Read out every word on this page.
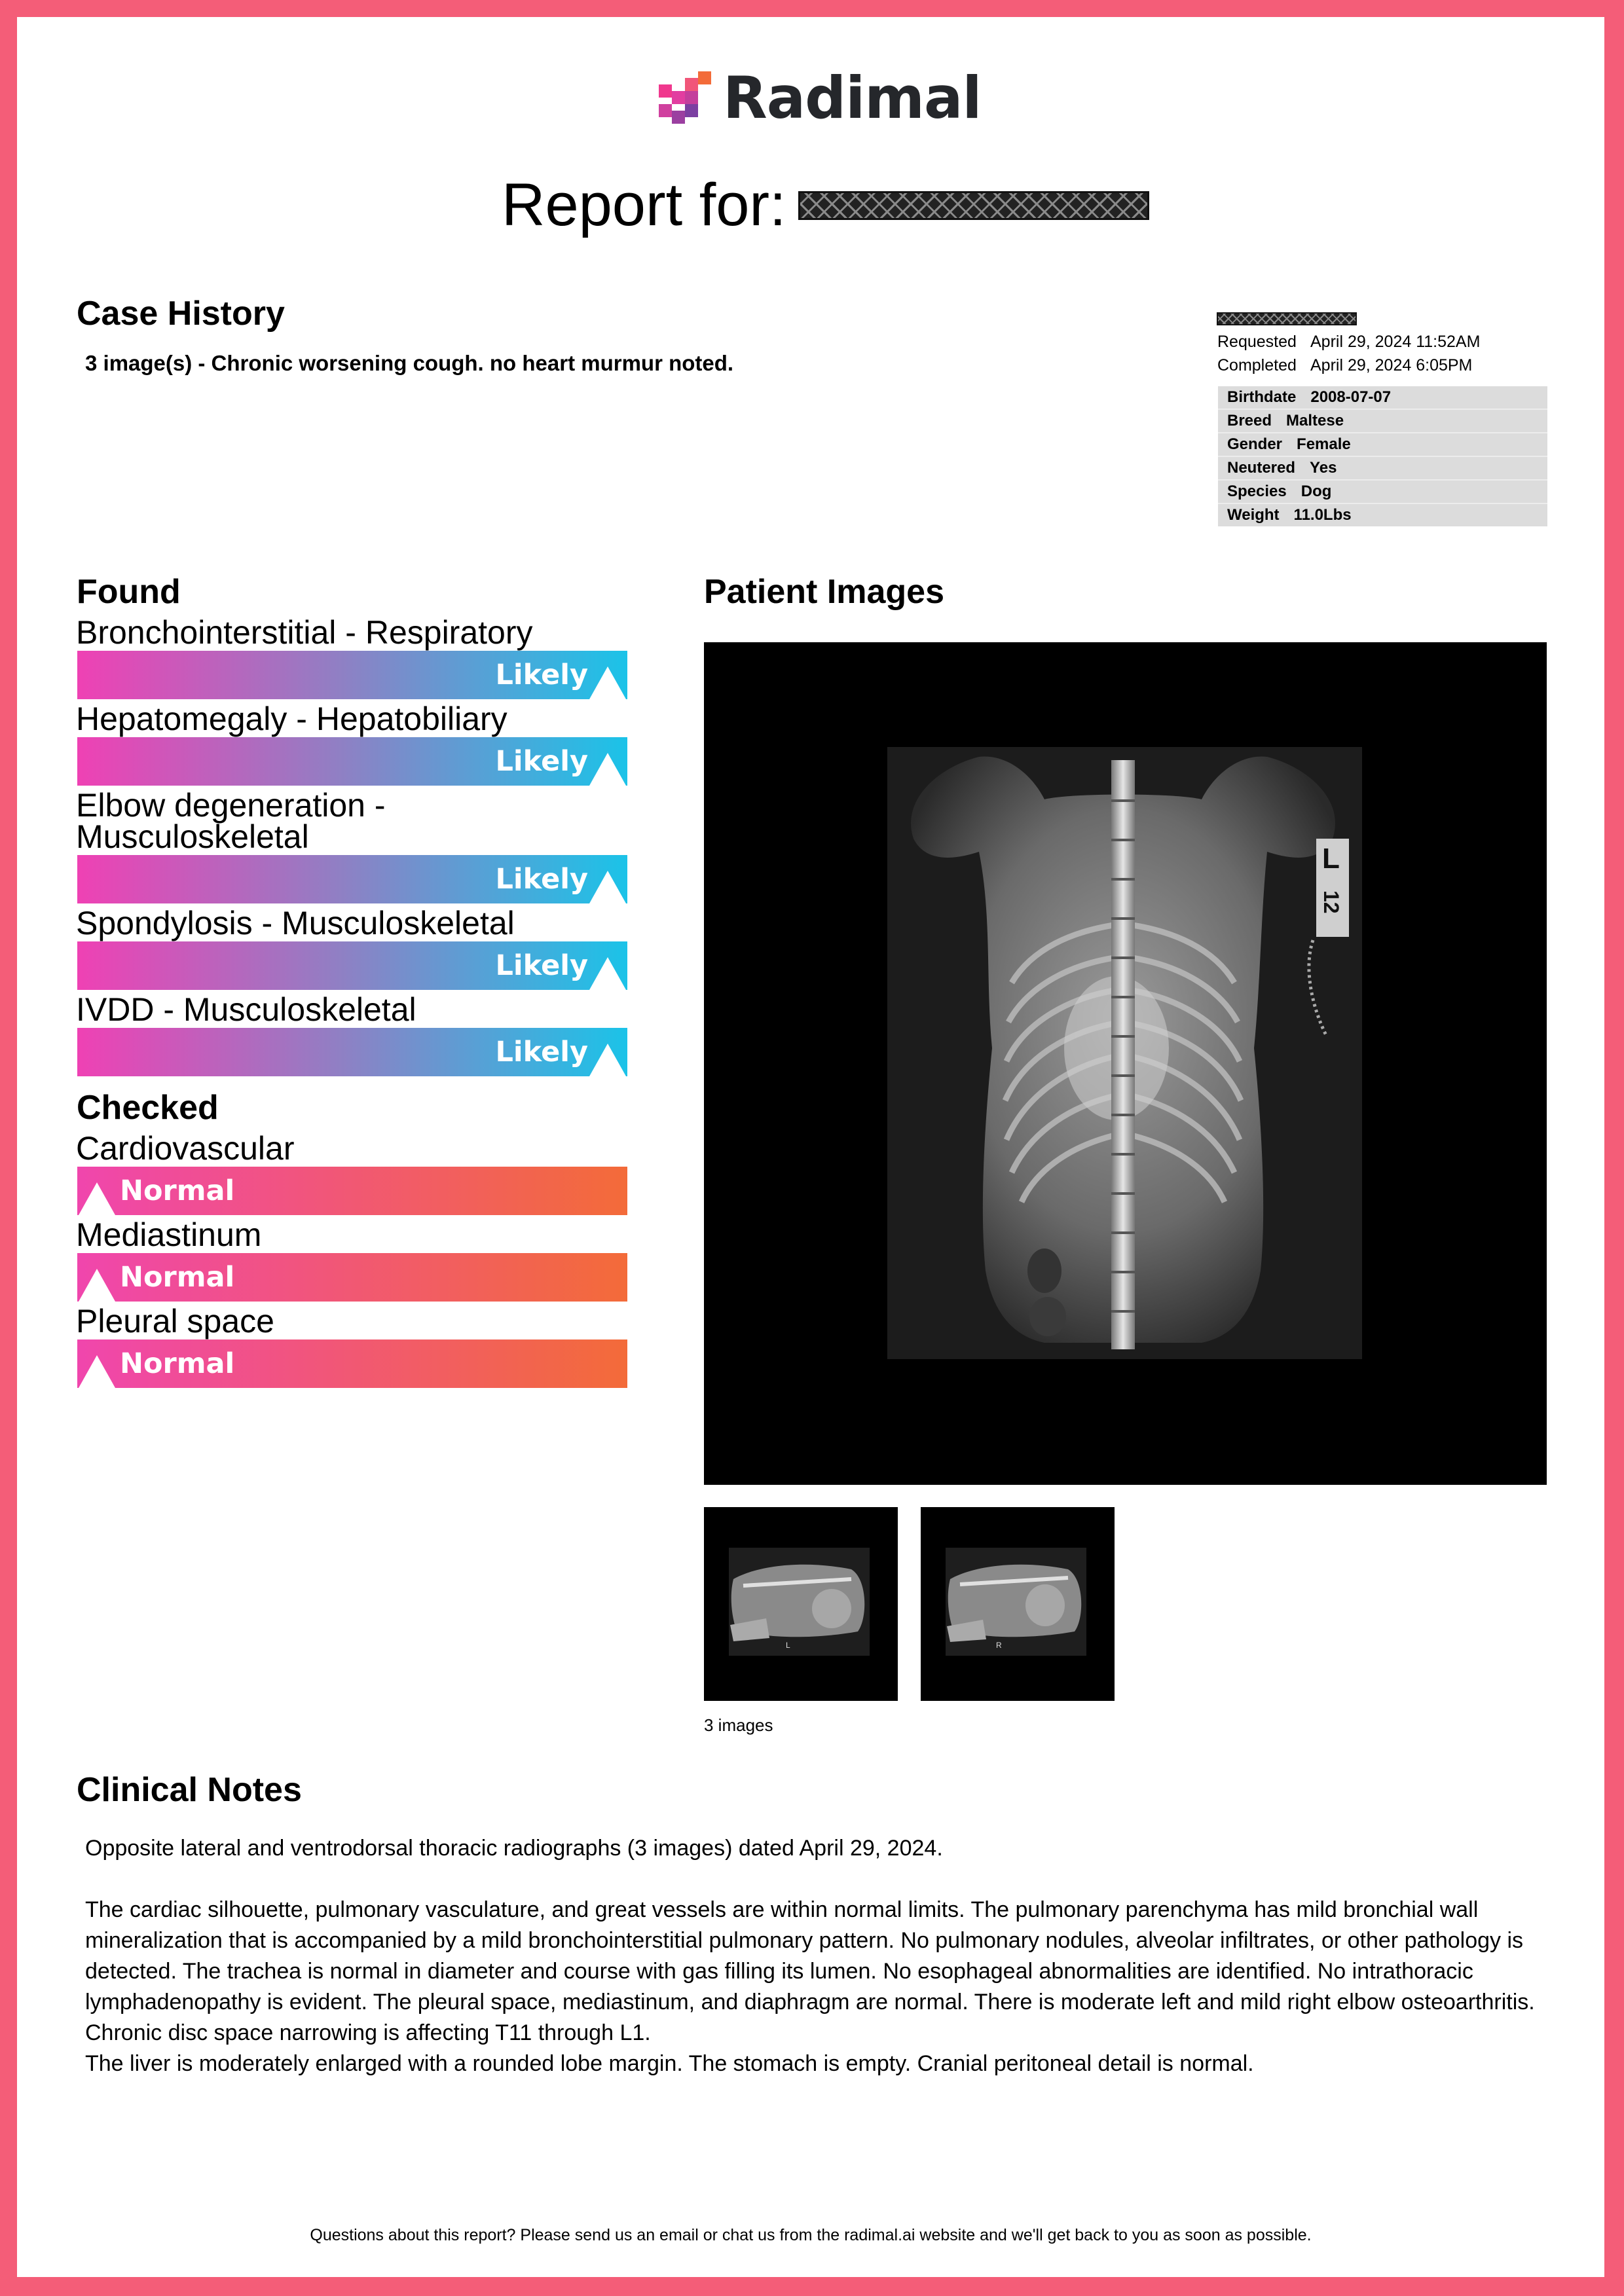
Radimal
Report for:
Case History
3 image(s) - Chronic worsening cough. no heart murmur noted.
Requested April 29, 2024 11:52AM
Completed April 29, 2024 6:05PM
Birthdate 2008-07-07
Breed Maltese
Gender Female
Neutered Yes
Species Dog
Weight 11.0Lbs
Found
Bronchointerstitial - Respiratory
Likely
Hepatomegaly - Hepatobiliary
Likely
Elbow degeneration - Musculoskeletal
Likely
Spondylosis - Musculoskeletal
Likely
IVDD - Musculoskeletal
Likely
Checked
Cardiovascular
Normal
Mediastinum
Normal
Pleural space
Normal
Patient Images
L
12
L	R
3 images
Clinical Notes

Opposite lateral and ventrodorsal thoracic radiographs (3 images) dated April 29, 2024.

The cardiac silhouette, pulmonary vasculature, and great vessels are within normal limits. The pulmonary parenchyma has mild bronchial wall mineralization that is accompanied by a mild bronchointerstitial pulmonary pattern. No pulmonary nodules, alveolar infiltrates, or other pathology is detected. The trachea is normal in diameter and course with gas filling its lumen. No esophageal abnormalities are identified. No intrathoracic lymphadenopathy is evident. The pleural space, mediastinum, and diaphragm are normal. There is moderate left and mild right elbow osteoarthritis. Chronic disc space narrowing is affecting T11 through L1.

The liver is moderately enlarged with a rounded lobe margin. The stomach is empty. Cranial peritoneal detail is normal.

Questions about this report? Please send us an email or chat us from the radimal.ai website and we'll get back to you as soon as possible.
